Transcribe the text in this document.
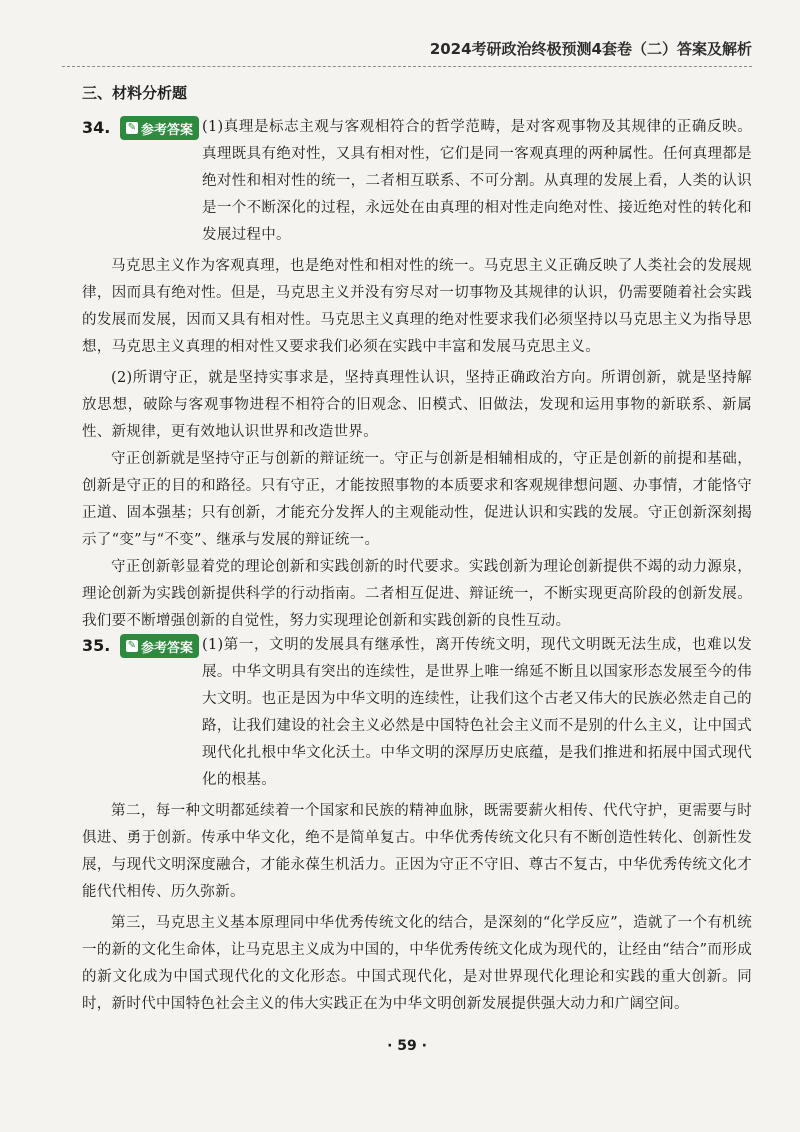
2024考研政治终极预测4套卷（二）答案及解析
三、材料分析题
34.	✎ 参考答案 (1)真理是标志主观与客观相符合的哲学范畴，是对客观事物及其规律的正确反映。真理既具有绝对性，又具有相对性，它们是同一客观真理的两种属性。任何真理都是绝对性和相对性的统一，二者相互联系、不可分割。从真理的发展上看，人类的认识是一个不断深化的过程，永远处在由真理的相对性走向绝对性、接近绝对性的转化和发展过程中。

马克思主义作为客观真理，也是绝对性和相对性的统一。马克思主义正确反映了人类社会的发展规律，因而具有绝对性。但是，马克思主义并没有穷尽对一切事物及其规律的认识，仍需要随着社会实践的发展而发展，因而又具有相对性。马克思主义真理的绝对性要求我们必须坚持以马克思主义为指导思想，马克思主义真理的相对性又要求我们必须在实践中丰富和发展马克思主义。

(2)所谓守正，就是坚持实事求是，坚持真理性认识，坚持正确政治方向。所谓创新，就是坚持解放思想，破除与客观事物进程不相符合的旧观念、旧模式、旧做法，发现和运用事物的新联系、新属性、新规律，更有效地认识世界和改造世界。

守正创新就是坚持守正与创新的辩证统一。守正与创新是相辅相成的，守正是创新的前提和基础，创新是守正的目的和路径。只有守正，才能按照事物的本质要求和客观规律想问题、办事情，才能恪守正道、固本强基；只有创新，才能充分发挥人的主观能动性，促进认识和实践的发展。守正创新深刻揭示了“变”与“不变”、继承与发展的辩证统一。

守正创新彰显着党的理论创新和实践创新的时代要求。实践创新为理论创新提供不竭的动力源泉，理论创新为实践创新提供科学的行动指南。二者相互促进、辩证统一，不断实现更高阶段的创新发展。我们要不断增强创新的自觉性，努力实现理论创新和实践创新的良性互动。

35.	✎ 参考答案 (1)第一，文明的发展具有继承性，离开传统文明，现代文明既无法生成，也难以发展。中华文明具有突出的连续性，是世界上唯一绵延不断且以国家形态发展至今的伟大文明。也正是因为中华文明的连续性，让我们这个古老又伟大的民族必然走自己的路，让我们建设的社会主义必然是中国特色社会主义而不是别的什么主义，让中国式现代化扎根中华文化沃土。中华文明的深厚历史底蕴，是我们推进和拓展中国式现代化的根基。

第二，每一种文明都延续着一个国家和民族的精神血脉，既需要薪火相传、代代守护，更需要与时俱进、勇于创新。传承中华文化，绝不是简单复古。中华优秀传统文化只有不断创造性转化、创新性发展，与现代文明深度融合，才能永葆生机活力。正因为守正不守旧、尊古不复古，中华优秀传统文化才能代代相传、历久弥新。

第三，马克思主义基本原理同中华优秀传统文化的结合，是深刻的“化学反应”，造就了一个有机统一的新的文化生命体，让马克思主义成为中国的，中华优秀传统文化成为现代的，让经由“结合”而形成的新文化成为中国式现代化的文化形态。中国式现代化，是对世界现代化理论和实践的重大创新。同时，新时代中国特色社会主义的伟大实践正在为中华文明创新发展提供强大动力和广阔空间。

· 59 ·
